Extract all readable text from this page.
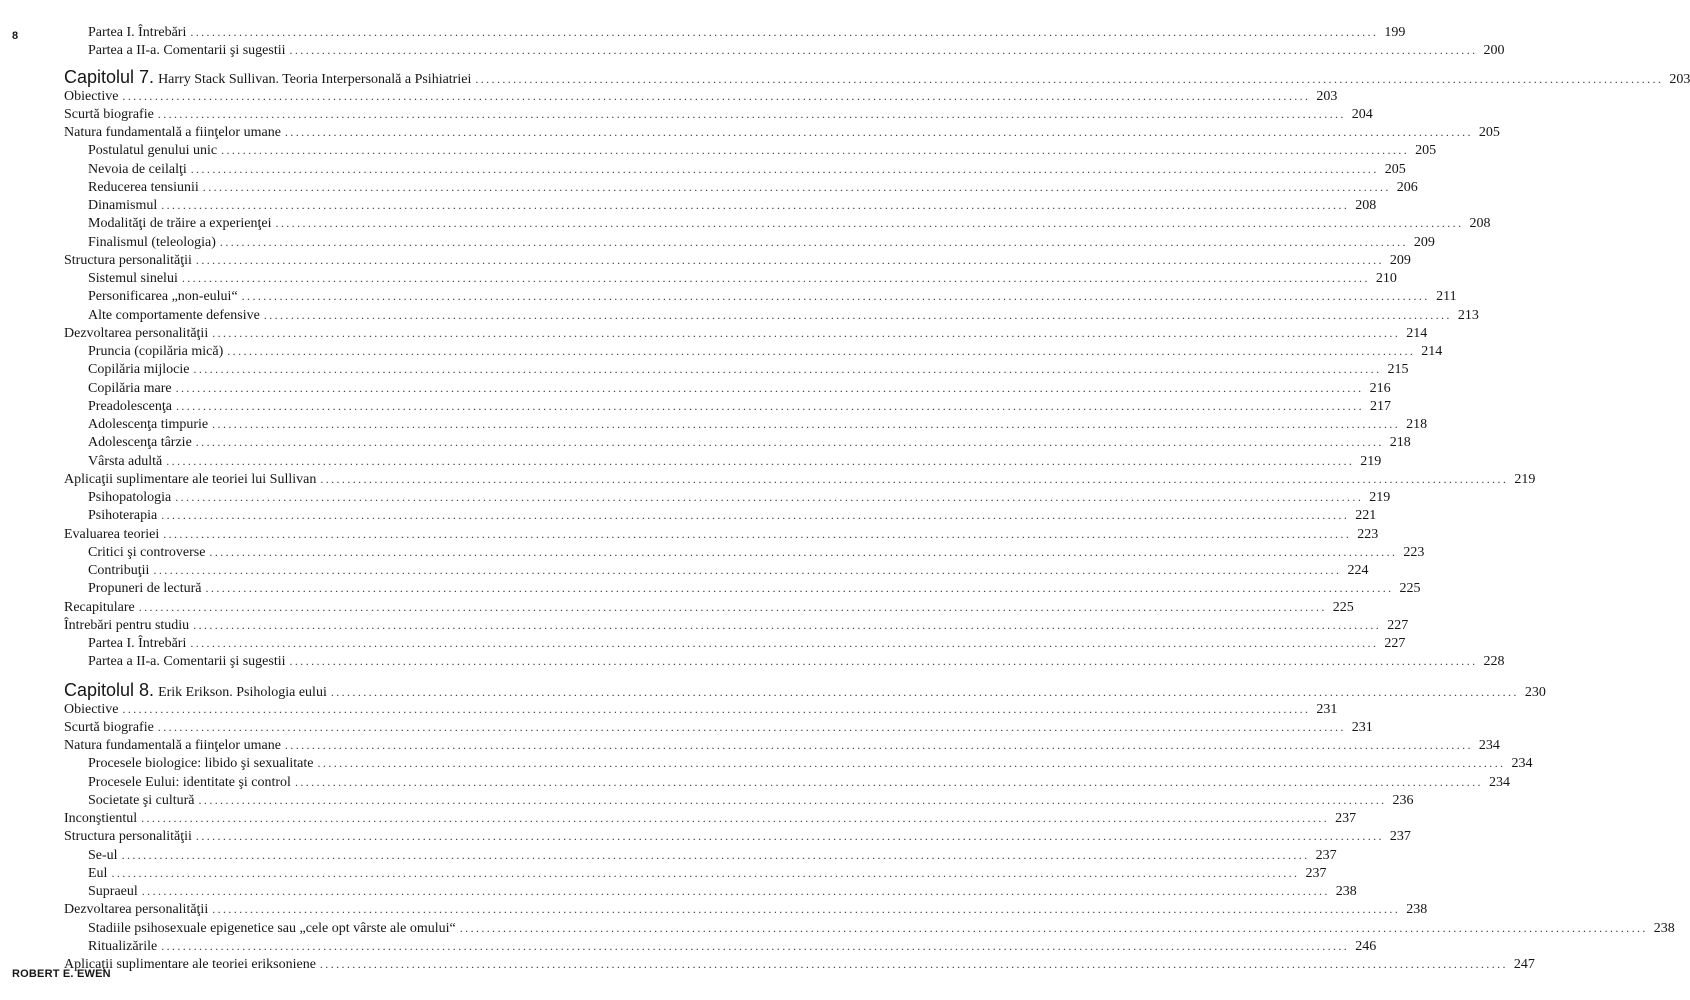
8	Partea I. Întrebări ............................................................................................................................................................................................................................ 199
Partea a II-a. Comentarii şi sugestii ............................................................................................................................................................................................................................ 200
Capitolul 7. Harry Stack Sullivan. Teoria Interpersonală a Psihiatriei ............................................................................................................................................................................................................................ 203
Obiective ............................................................................................................................................................................................................................ 203
Scurtă biografie ............................................................................................................................................................................................................................ 204
Natura fundamentală a fiinţelor umane ............................................................................................................................................................................................................................ 205
Postulatul genului unic ............................................................................................................................................................................................................................ 205
Nevoia de ceilalţi ............................................................................................................................................................................................................................ 205
Reducerea tensiunii ............................................................................................................................................................................................................................ 206
Dinamismul ............................................................................................................................................................................................................................ 208
Modalităţi de trăire a experienţei ............................................................................................................................................................................................................................ 208
Finalismul (teleologia) ............................................................................................................................................................................................................................ 209
Structura personalităţii ............................................................................................................................................................................................................................ 209
Sistemul sinelui ............................................................................................................................................................................................................................ 210
Personificarea „non-eului“ ............................................................................................................................................................................................................................ 211
Alte comportamente defensive ............................................................................................................................................................................................................................ 213
Dezvoltarea personalităţii ............................................................................................................................................................................................................................ 214
Pruncia (copilăria mică) ............................................................................................................................................................................................................................ 214
Copilăria mijlocie ............................................................................................................................................................................................................................ 215
Copilăria mare ............................................................................................................................................................................................................................ 216
Preadolescenţa ............................................................................................................................................................................................................................ 217
Adolescenţa timpurie ............................................................................................................................................................................................................................ 218
Adolescenţa târzie ............................................................................................................................................................................................................................ 218
Vârsta adultă ............................................................................................................................................................................................................................ 219
Aplicaţii suplimentare ale teoriei lui Sullivan ............................................................................................................................................................................................................................ 219
Psihopatologia ............................................................................................................................................................................................................................ 219
Psihoterapia ............................................................................................................................................................................................................................ 221
Evaluarea teoriei ............................................................................................................................................................................................................................ 223
Critici şi controverse ............................................................................................................................................................................................................................ 223
Contribuţii ............................................................................................................................................................................................................................ 224
Propuneri de lectură ............................................................................................................................................................................................................................ 225
Recapitulare ............................................................................................................................................................................................................................ 225
Întrebări pentru studiu ............................................................................................................................................................................................................................ 227
Partea I. Întrebări ............................................................................................................................................................................................................................ 227
Partea a II-a. Comentarii şi sugestii ............................................................................................................................................................................................................................ 228
Capitolul 8. Erik Erikson. Psihologia eului ............................................................................................................................................................................................................................ 230
Obiective ............................................................................................................................................................................................................................ 231
Scurtă biografie ............................................................................................................................................................................................................................ 231
Natura fundamentală a fiinţelor umane ............................................................................................................................................................................................................................ 234
Procesele biologice: libido şi sexualitate ............................................................................................................................................................................................................................ 234
Procesele Eului: identitate şi control ............................................................................................................................................................................................................................ 234
Societate şi cultură ............................................................................................................................................................................................................................ 236
Inconştientul ............................................................................................................................................................................................................................ 237
Structura personalităţii ............................................................................................................................................................................................................................ 237
Se-ul ............................................................................................................................................................................................................................ 237
Eul ............................................................................................................................................................................................................................ 237
Supraeul ............................................................................................................................................................................................................................ 238
Dezvoltarea personalităţii ............................................................................................................................................................................................................................ 238
Stadiile psihosexuale epigenetice sau „cele opt vârste ale omului“ ............................................................................................................................................................................................................................ 238
Ritualizările ............................................................................................................................................................................................................................ 246
Aplicaţii suplimentare ale teoriei eriksoniene ............................................................................................................................................................................................................................ 247
ROBERT E. EWEN
